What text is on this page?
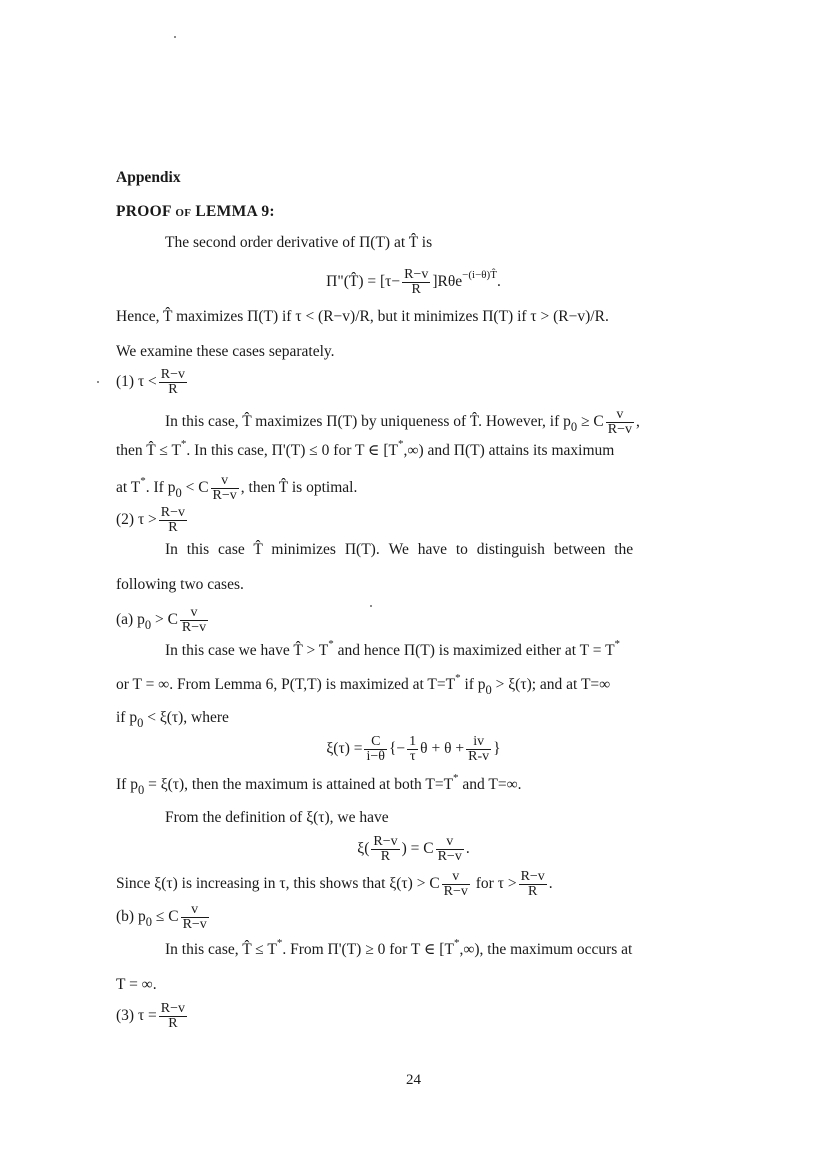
Appendix
PROOF of LEMMA 9:
The second order derivative of Π(T) at T̂ is
Π"(T̂) = $[\tau- \frac{R-v}{R} ]R\theta e^{-(i-\theta)T̂}$.
Hence, T̂ maximizes Π(T) if τ < (R−v)/R, but it minimizes Π(T) if τ > (R−v)/R.
We examine these cases separately.
(1) $\tau < \frac{R-v}{R}$
In this case, T̂ maximizes Π(T) by uniqueness of T̂. However, if $p_0 \ge C \frac{v}{R-v}$ ,
then T̂ ≤ T*. In this case, Π'(T) ≤ 0 for T ∈ [T*,∞) and Π(T) attains its maximum
at T*. If $p_0 < C \frac{v}{R-v}$ , then T̂ is optimal.
(2) $\tau > \frac{R-v}{R}$
In this case T̂ minimizes Π(T). We have to distinguish between the
following two cases.
(a) $p_0 > C \frac{v}{R-v}$
In this case we have T̂ > T* and hence Π(T) is maximized either at T = T*
or T = ∞. From Lemma 6, P(T,T) is maximized at T=T* if $p_0 > \xi(\tau)$; and at T=∞
if $p_0 < \xi(\tau)$, where
$\xi(\tau) = \frac{C}{i-\theta}$ {− $\frac{1}{\tau}$ $\theta + \theta + \frac{iv}{R-v}$ }
If $p_0 = \xi(\tau)$, then the maximum is attained at both T=T* and T=∞.
From the definition of ξ(τ), we have
$\xi( \frac{R-v}{R}$ ) = C $\frac{v}{R-v}$ .
Since ξ(τ) is increasing in τ, this shows that ξ(τ) > C $\frac{v}{R-v}$ for $\tau > \frac{R-v}{R}$ .
(b) $p_0 \le C \frac{v}{R-v}$
In this case, T̂ ≤ T*. From Π'(T) ≥ 0 for T ∈ [T*,∞), the maximum occurs at
T = ∞.
(3) $\tau = \frac{R-v}{R}$
24
